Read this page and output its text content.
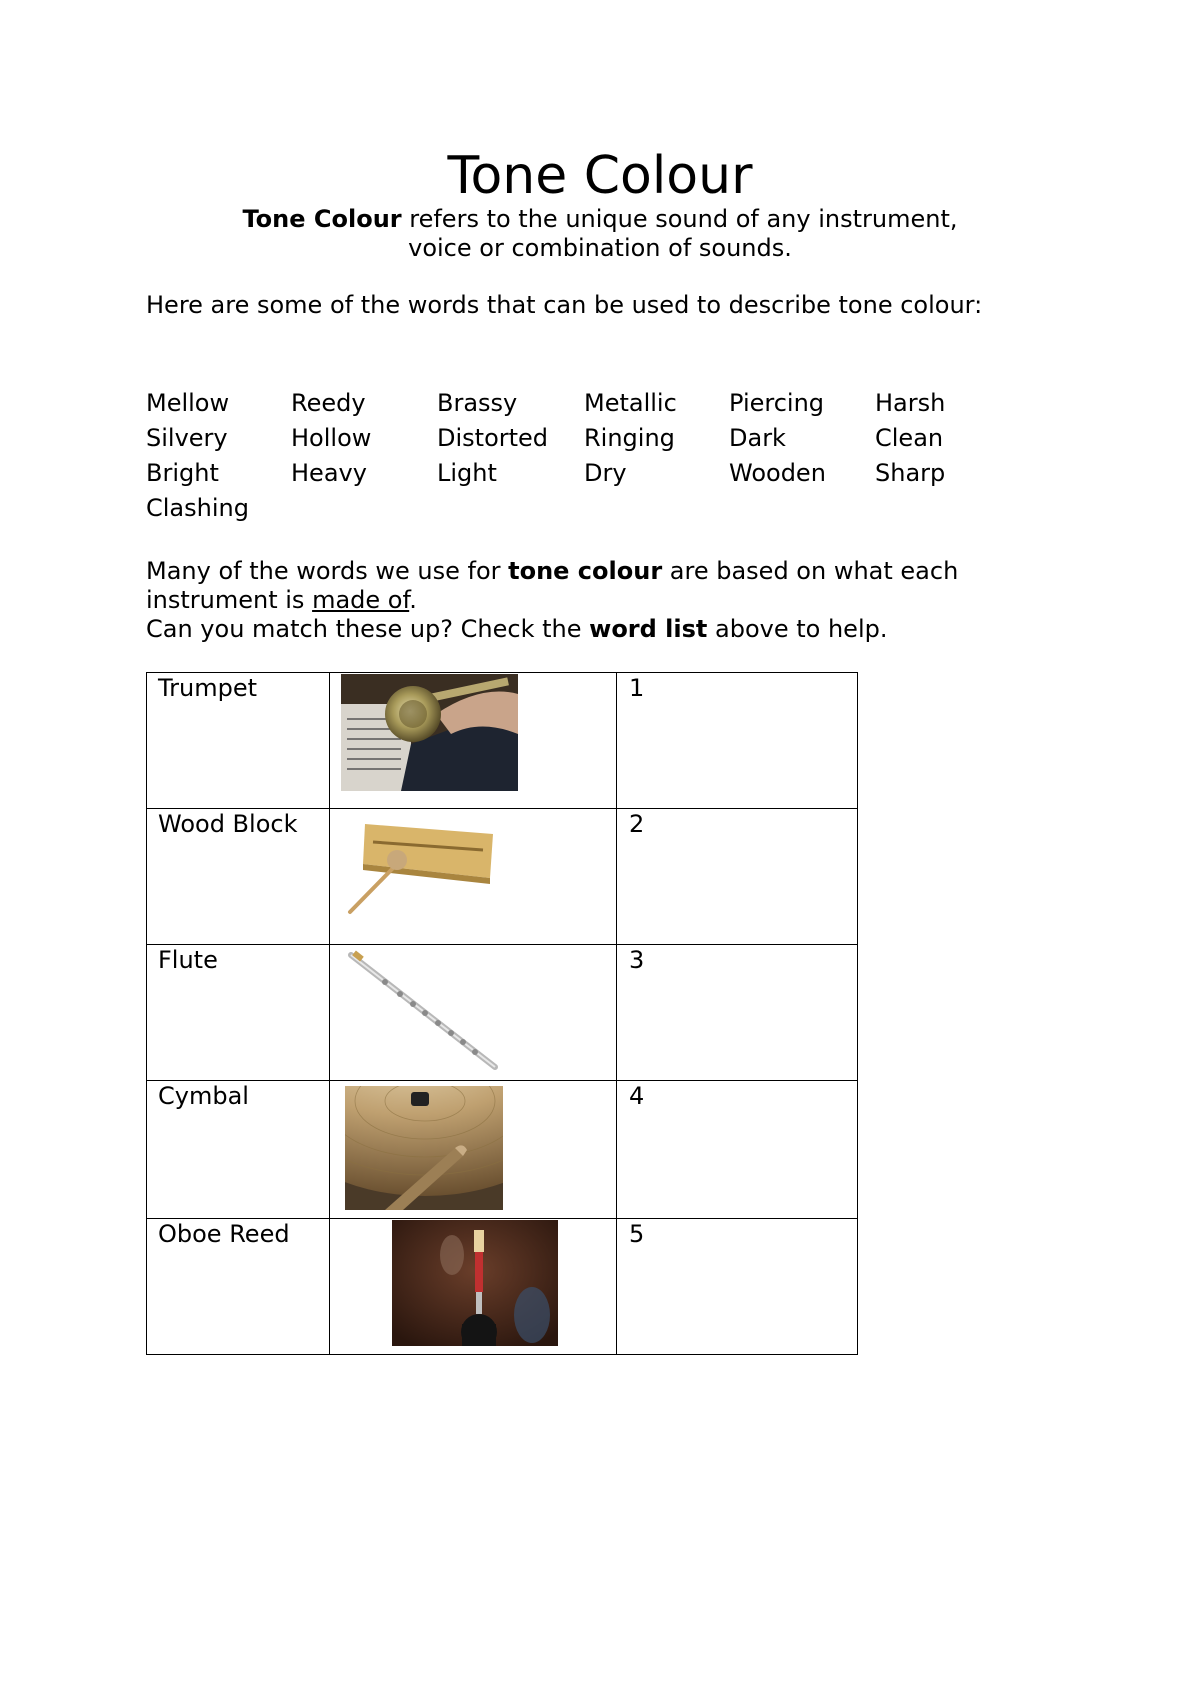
Tone Colour
Tone Colour refers to the unique sound of any instrument,
voice or combination of sounds.
Here are some of the words that can be used to describe tone colour:
Mellow	Reedy	Brassy	Metallic	Piercing	Harsh
Silvery	Hollow	Distorted	Ringing	Dark	Clean
Bright	Heavy	Light	Dry	Wooden	Sharp
Clashing
Many of the words we use for tone colour are based on what each
instrument is made of.
Can you match these up? Check the word list above to help.
Trumpet		1
Wood Block		2
Flute		3
Cymbal		4
Oboe Reed		5
